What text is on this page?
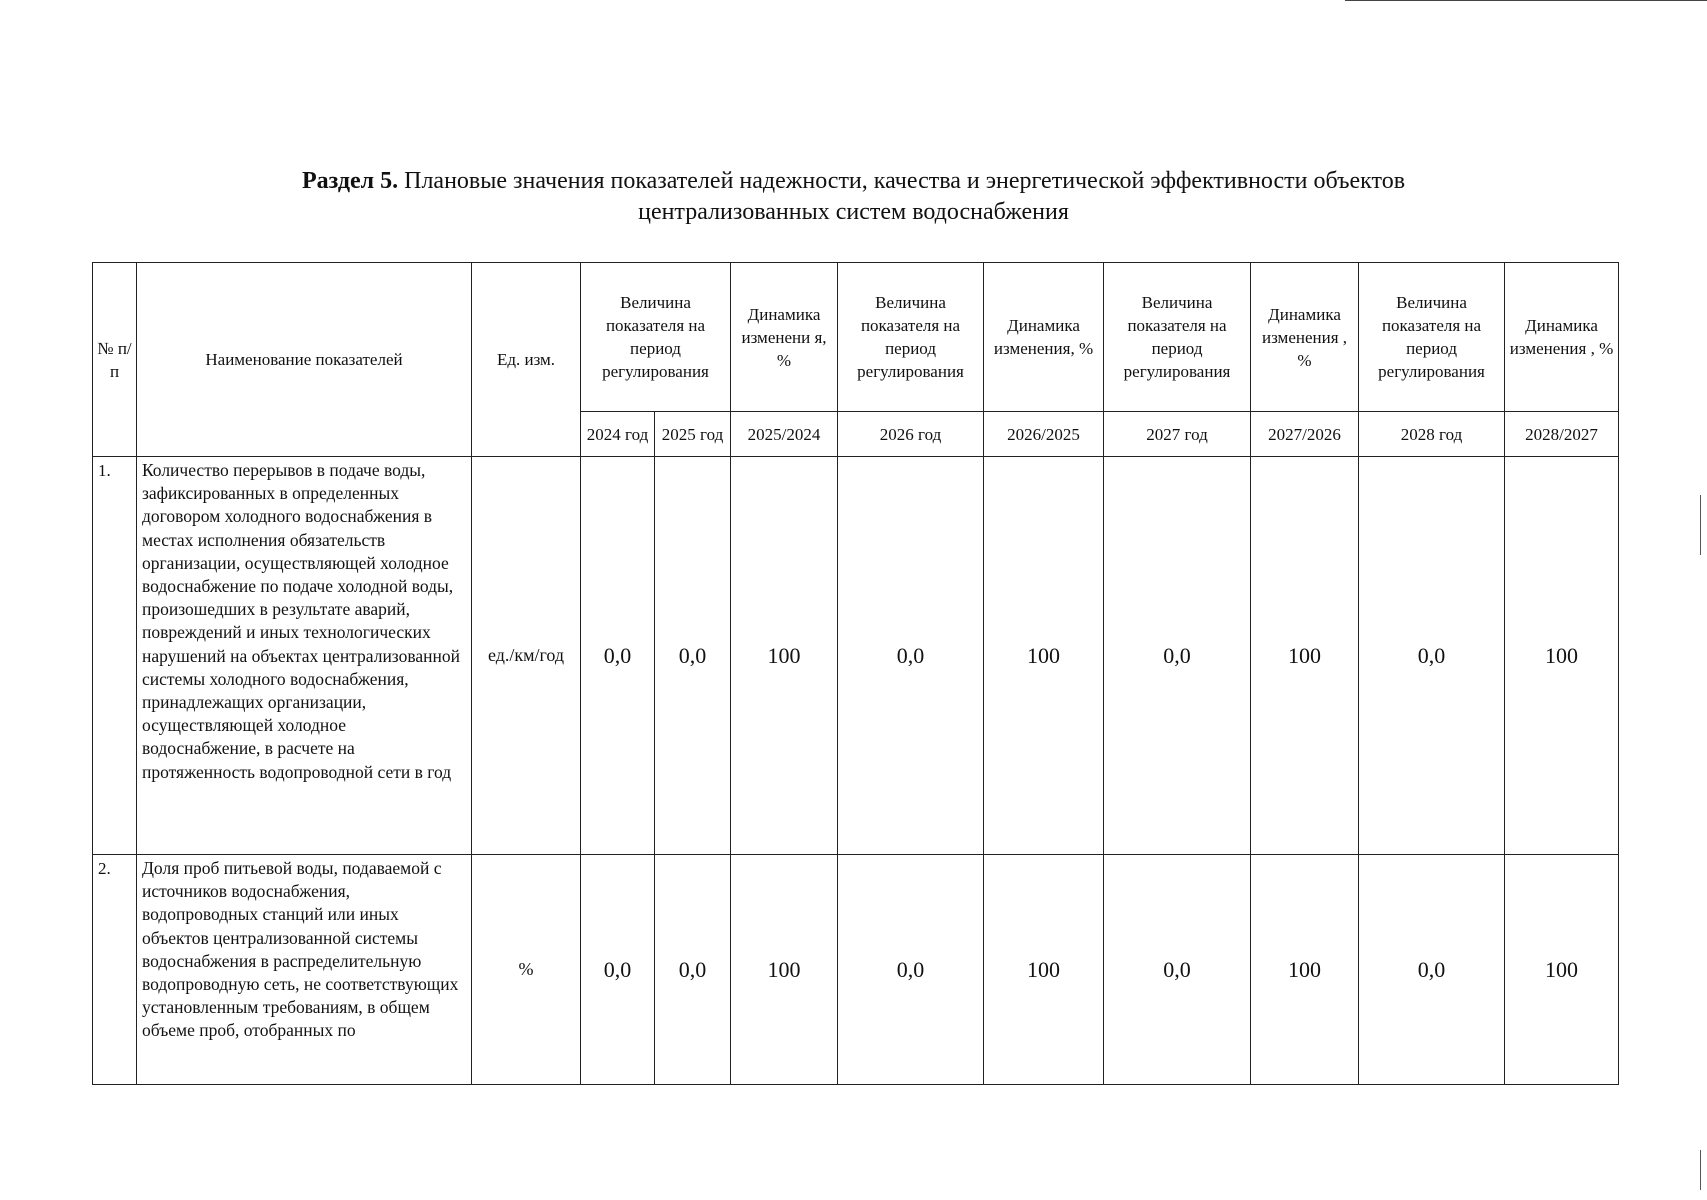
Раздел 5. Плановые значения показателей надежности, качества и энергетической эффективности объектов
централизованных систем водоснабжения
№ п/п	Наименование показателей	Ед. изм.	Величина показателя на период регулирования		Динамика изменени я, %	Величина показателя на период регулирования	Динамика изменения, %	Величина показателя на период регулирования	Динамика изменения , %	Величина показателя на период регулирования	Динамика изменения , %
			2024 год	2025 год	2025/2024	2026 год	2026/2025	2027 год	2027/2026	2028 год	2028/2027
1.	Количество перерывов в подаче воды, зафиксированных в определенных договором холодного водоснабжения в местах исполнения обязательств организации, осуществляющей холодное водоснабжение по подаче холодной воды, произошедших в результате аварий, повреждений и иных технологических нарушений на объектах централизованной системы холодного водоснабжения, принадлежащих организации, осуществляющей холодное водоснабжение, в расчете на протяженность водопроводной сети в год	ед./км/год	0,0	0,0	100	0,0	100	0,0	100	0,0	100
2.	Доля проб питьевой воды, подаваемой с источников водоснабжения, водопроводных станций или иных объектов централизованной системы водоснабжения в распределительную водопроводную сеть, не соответствующих установленным требованиям, в общем объеме проб, отобранных по	%	0,0	0,0	100	0,0	100	0,0	100	0,0	100
